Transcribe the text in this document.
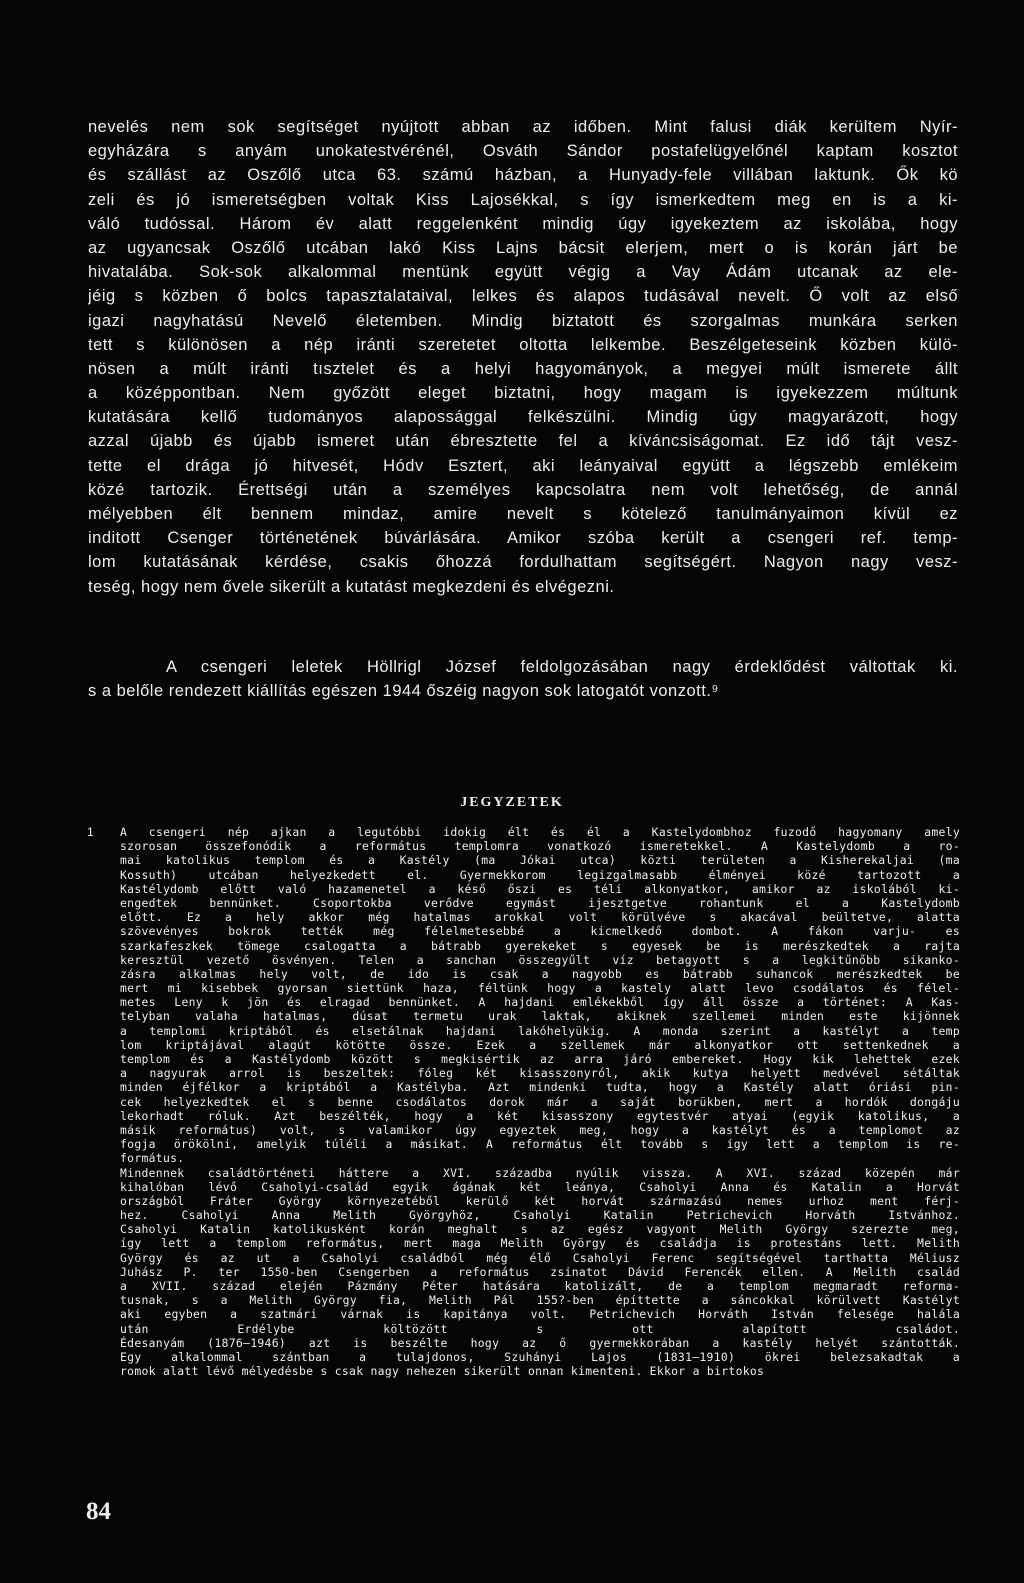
nevelés nem sok segítséget nyújtott abban az időben. Mint falusi diák kerültem Nyír-
egyházára s anyám unokatestvérénél, Osváth Sándor postafelügyelőnél kaptam kosztot
és szállást az Oszőlő utca 63. számú házban, a Hunyady-fele villában laktunk. Ők kö
zeli és jó ismeretségben voltak Kiss Lajosékkal, s így ismerkedtem meg en is a ki-
váló tudóssal. Három év alatt reggelenként mindig úgy igyekeztem az iskolába, hogy
az ugyancsak Oszőlő utcában lakó Kiss Lajns bácsit elerjem, mert o is korán járt be
hivatalába. Sok-sok alkalommal mentünk együtt végig a Vay Ádám utcanak az ele-
jéig s közben ő bolcs tapasztalataival, lelkes és alapos tudásával nevelt. Ő volt az első
igazi nagyhatású Nevelő életemben. Mindig biztatott és szorgalmas munkára serken
tett s különösen a nép iránti szeretetet oltotta lelkembe. Beszélgeteseink közben külö-
nösen a múlt iránti tısztelet és a helyi hagyományok, a megyei múlt ismerete állt
a középpontban. Nem győzött eleget biztatni, hogy magam is igyekezzem múltunk
kutatására kellő tudományos alapossággal felkészülni. Mindig úgy magyarázott, hogy
azzal újabb és újabb ismeret után ébresztette fel a kíváncsiságomat. Ez idő tájt vesz-
tette el drága jó hitvesét, Hódv Esztert, aki leányaival együtt a légszebb emlékeim
közé tartozik. Érettségi után a személyes kapcsolatra nem volt lehetőség, de annál
mélyebben élt bennem mindaz, amire nevelt s kötelező tanulmányaimon kívül ez
inditott Csenger történetének búvárlására. Amikor szóba került a csengeri ref. temp-
lom kutatásának kérdése, csakis őhozzá fordulhattam segítségért. Nagyon nagy vesz-
teség, hogy nem ővele sikerült a kutatást megkezdeni és elvégezni.
A csengeri leletek Höllrigl József feldolgozásában nagy érdeklődést váltottak ki.
s a belőle rendezett kiállítás egészen 1944 őszéig nagyon sok latogatót vonzott.⁹
JEGYZETEK
1 A csengeri nép ajkan a legutóbbi idokig élt és él a Kastelydombhoz fuzodő hagyomany amely
szorosan összefonódik a református templomra vonatkozó ismeretekkel. A Kastelydomb a ro-
mai katolikus templom és a Kastély (ma Jókai utca) közti területen a Kisherekaljai (ma
Kossuth) utcában helyezkedett el. Gyermekkorom legizgalmasabb élményei közé tartozott a
Kastélydomb előtt való hazamenetel a késő őszi es téli alkonyatkor, amikor az iskolából ki-
engedtek bennünket. Csoportokba verődve egymást ijesztgetve rohantunk el a Kastelydomb
előtt. Ez a hely akkor még hatalmas arokkal volt körülvéve s akacával beültetve, alatta
szövevényes bokrok tették még félelmetesebbé a kicmelkedő dombot. A fákon varju- es
szarkafeszkek tömege csalogatta a bátrabb gyerekeket s egyesek be is merészkedtek a rajta
keresztül vezető ösvényen. Telen a sanchan összegyűlt víz betagyott s a legkitűnőbb sikanko-
zásra alkalmas hely volt, de ido is csak a nagyobb es bátrabb suhancok merészkedtek be
mert mi kisebbek gyorsan siettünk haza, féltünk hogy a kastely alatt levo csodálatos és félel-
metes Leny k jön és elragad bennünket. A hajdani emlékekből így áll össze a történet: A Kas-
telyban valaha hatalmas, dúsat termetu urak laktak, akiknek szellemei minden este kijönnek
a templomi kriptából és elsetálnak hajdani lakóhelyükig. A monda szerint a kastélyt a temp
lom kriptájával alagút kötötte össze. Ezek a szellemek már alkonyatkor ott settenkednek a
templom és a Kastélydomb között s megkisértik az arra járó embereket. Hogy kik lehettek ezek
a nagyurak arrol is beszeltek: fóleg két kisasszonyról, akik kutya helyett medvével sétáltak
minden éjfélkor a kriptából a Kastélyba. Azt mindenki tudta, hogy a Kastély alatt óriási pin-
cek helyezkedtek el s benne csodálatos dorok már a saját borükben, mert a hordók dongáju
lekorhadt róluk. Azt beszélték, hogy a két kisasszony egytestvér atyai (egyik katolikus, a
másik református) volt, s valamikor úgy egyeztek meg, hogy a kastélyt és a templomot az
fogja örökölni, amelyik túléli a másikat. A református élt tovább s így lett a templom is re-
formátus.
Mindennek családtörténeti háttere a XVI. századba nyúlik vissza. A XVI. század közepén már
kihalóban lévő Csaholyi-család egyik ágának két leánya, Csaholyi Anna és Katalin a Horvát
országból Fráter György környezetéből kerülő két horvát származású nemes urhoz ment férj-
hez. Csaholyi Anna Melith Györgyhöz, Csaholyi Katalin Petrichevich Horváth Istvánhoz.
Csaholyi Katalin katolikusként korán meghalt s az egész vagyont Melith György szerezte meg,
így lett a templom református, mert maga Melith György és családja is protestáns lett. Melith
György és az ut a Csaholyi családból még élő Csaholyi Ferenc segítségével tarthatta Méliusz
Juhász P. ter 1550-ben Csengerben a református zsinatot Dávid Ferencék ellen. A Melith család
a XVII. század elején Pázmány Péter hatására katolizált, de a templom megmaradt reforma-
tusnak, s a Melith György fia, Melith Pál 155?-ben építtette a sáncokkal körülvett Kastélyt
aki egyben a szatmári várnak is kapitánya volt. Petrichevich Horváth István felesége halála
után Erdélybe költözött s ott alapított családot.
Édesanyám (1876—1946) azt is beszélte hogy az ő gyermekkorában a kastély helyét szántották.
Egy alkalommal szántban a tulajdonos, Szuhányi Lajos (1831—1910) ökrei belezsakadtak a
romok alatt lévő mélyedésbe s csak nagy nehezen sikerült onnan kimenteni. Ekkor a birtokos
84
